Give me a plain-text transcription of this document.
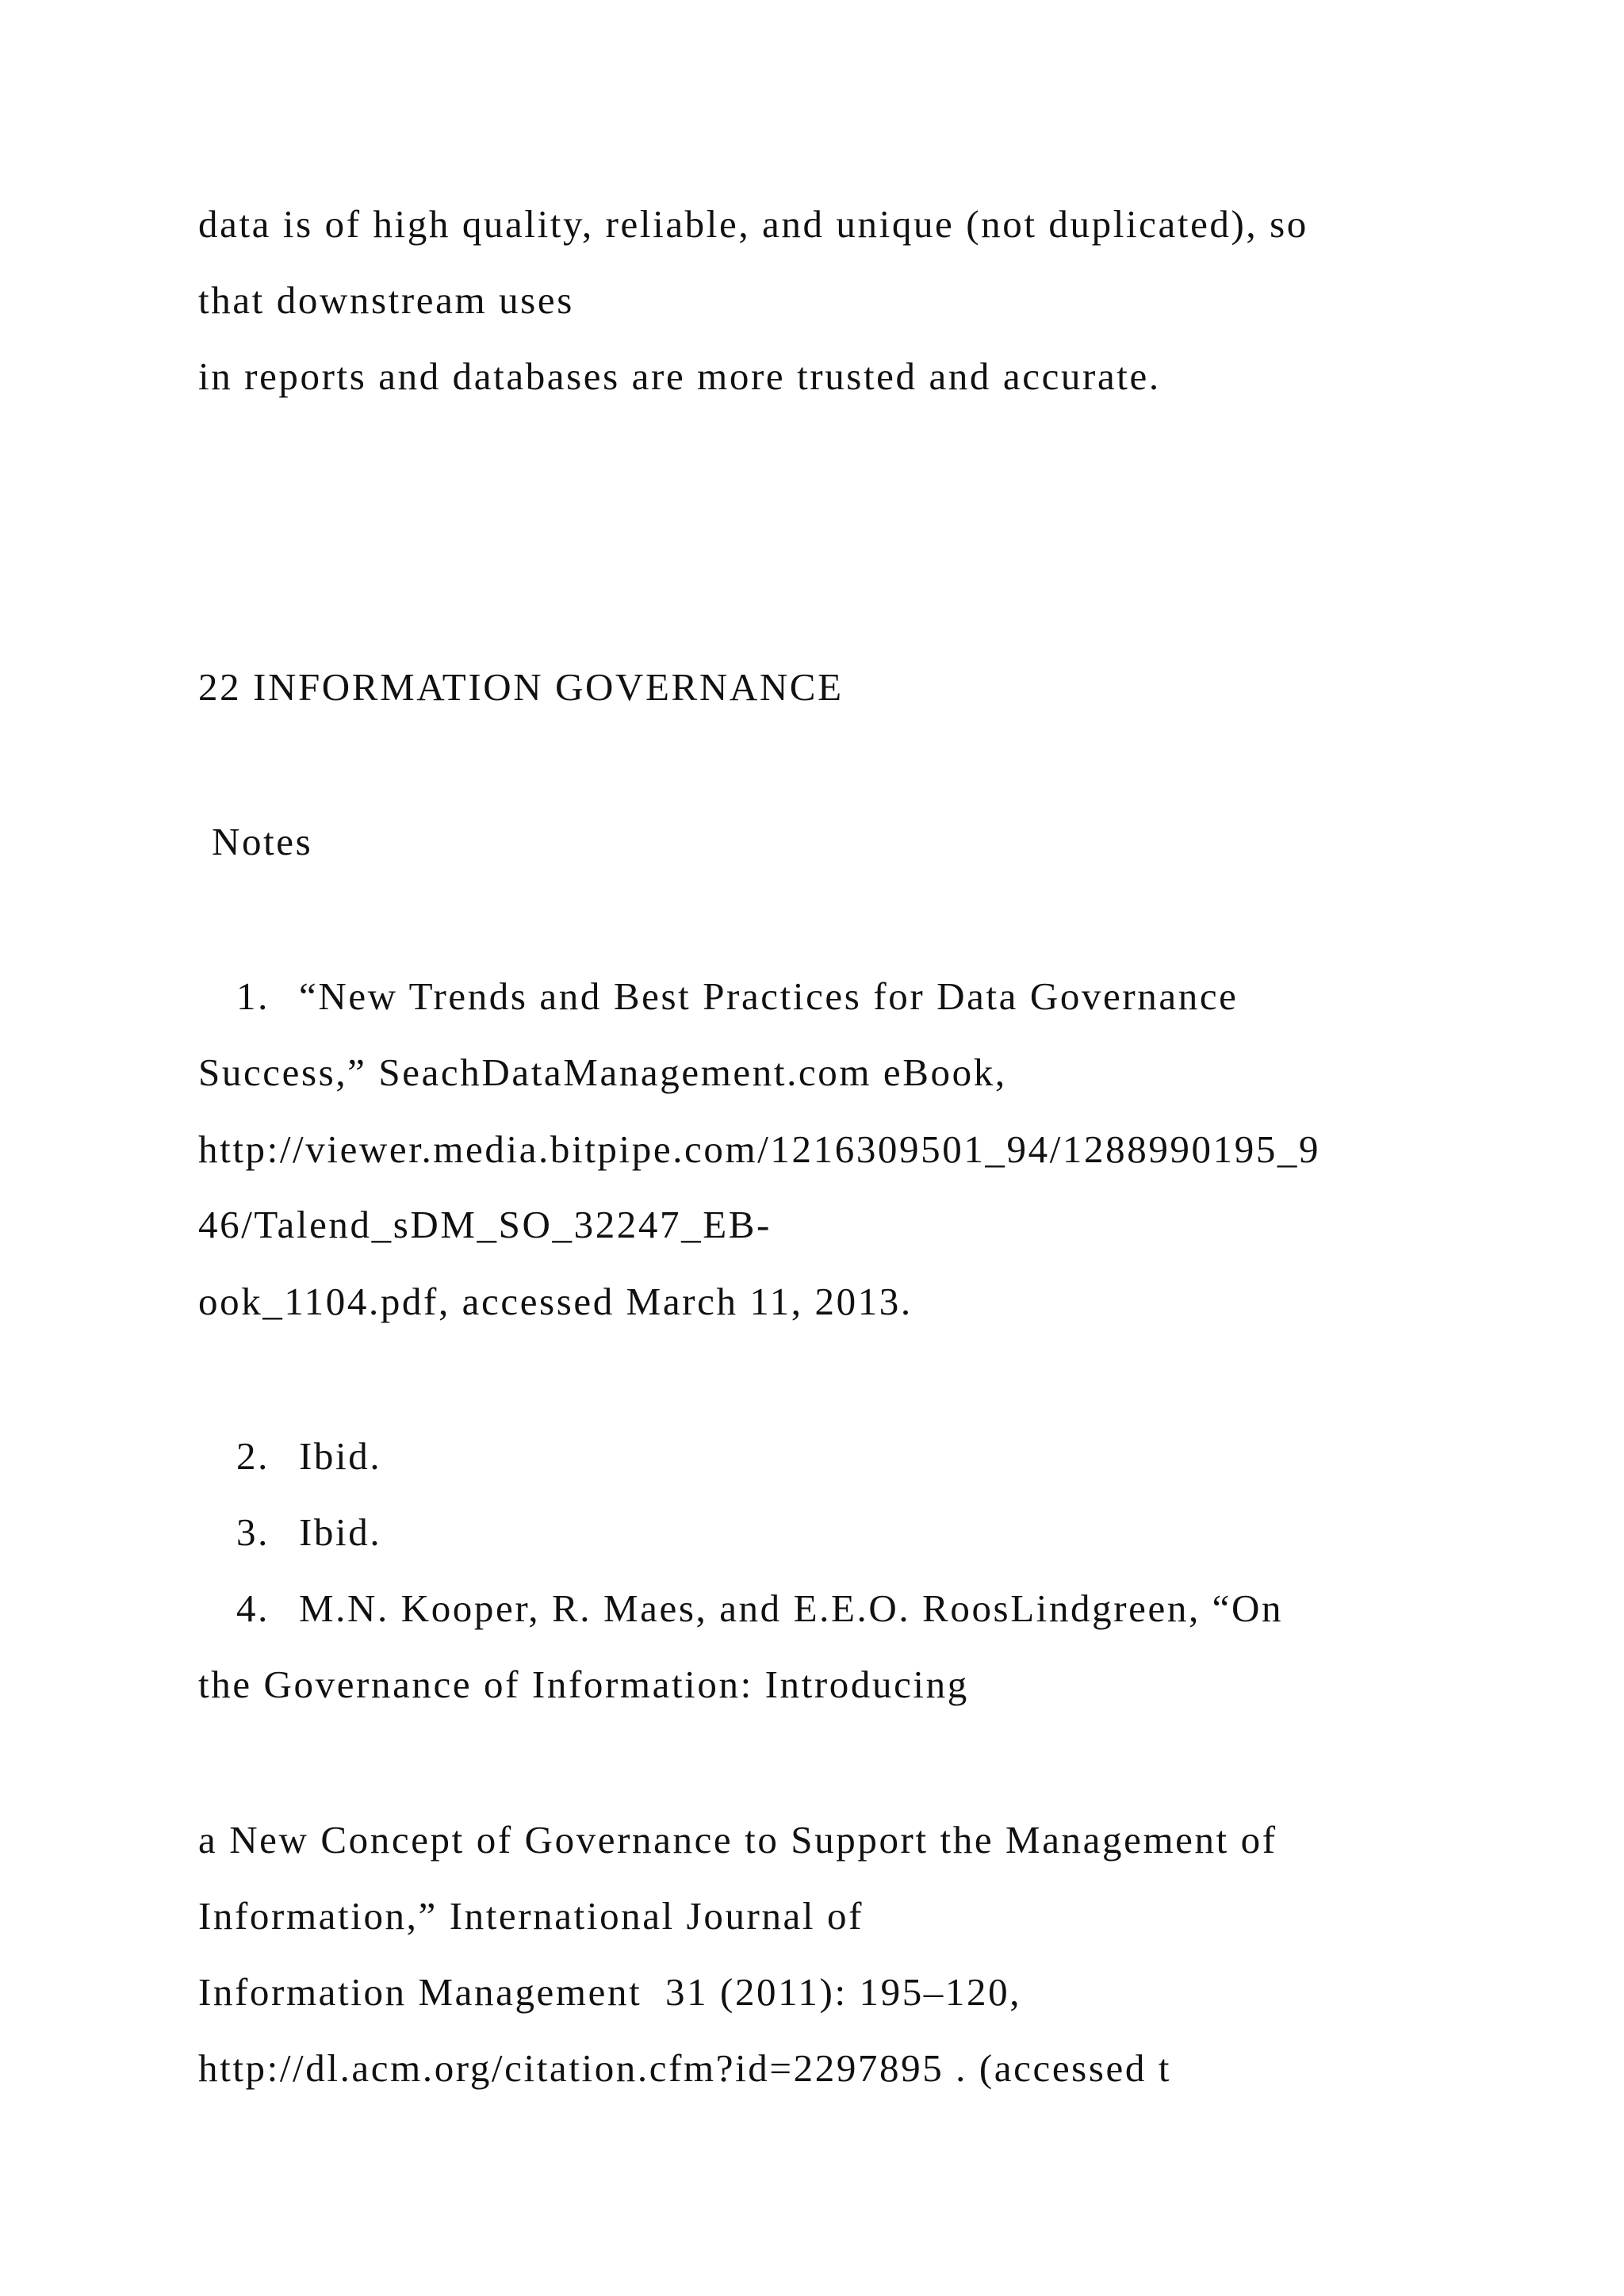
data is of high quality, reliable, and unique (not duplicated), so
that downstream uses
in reports and databases are more trusted and accurate.
22 INFORMATION GOVERNANCE
Notes
1. “New Trends and Best Practices for Data Governance
Success,” SeachDataManagement.com eBook,
http://viewer.media.bitpipe.com/1216309501_94/1288990195_9
46/Talend_sDM_SO_32247_EB-
ook_1104.pdf, accessed March 11, 2013.
2. Ibid.
3. Ibid.
4. M.N. Kooper, R. Maes, and E.E.O. RoosLindgreen, “On
the Governance of Information: Introducing
a New Concept of Governance to Support the Management of
Information,” International Journal of
Information Management  31 (2011): 195–120,
http://dl.acm.org/citation.cfm?id=2297895 . (accessed t
